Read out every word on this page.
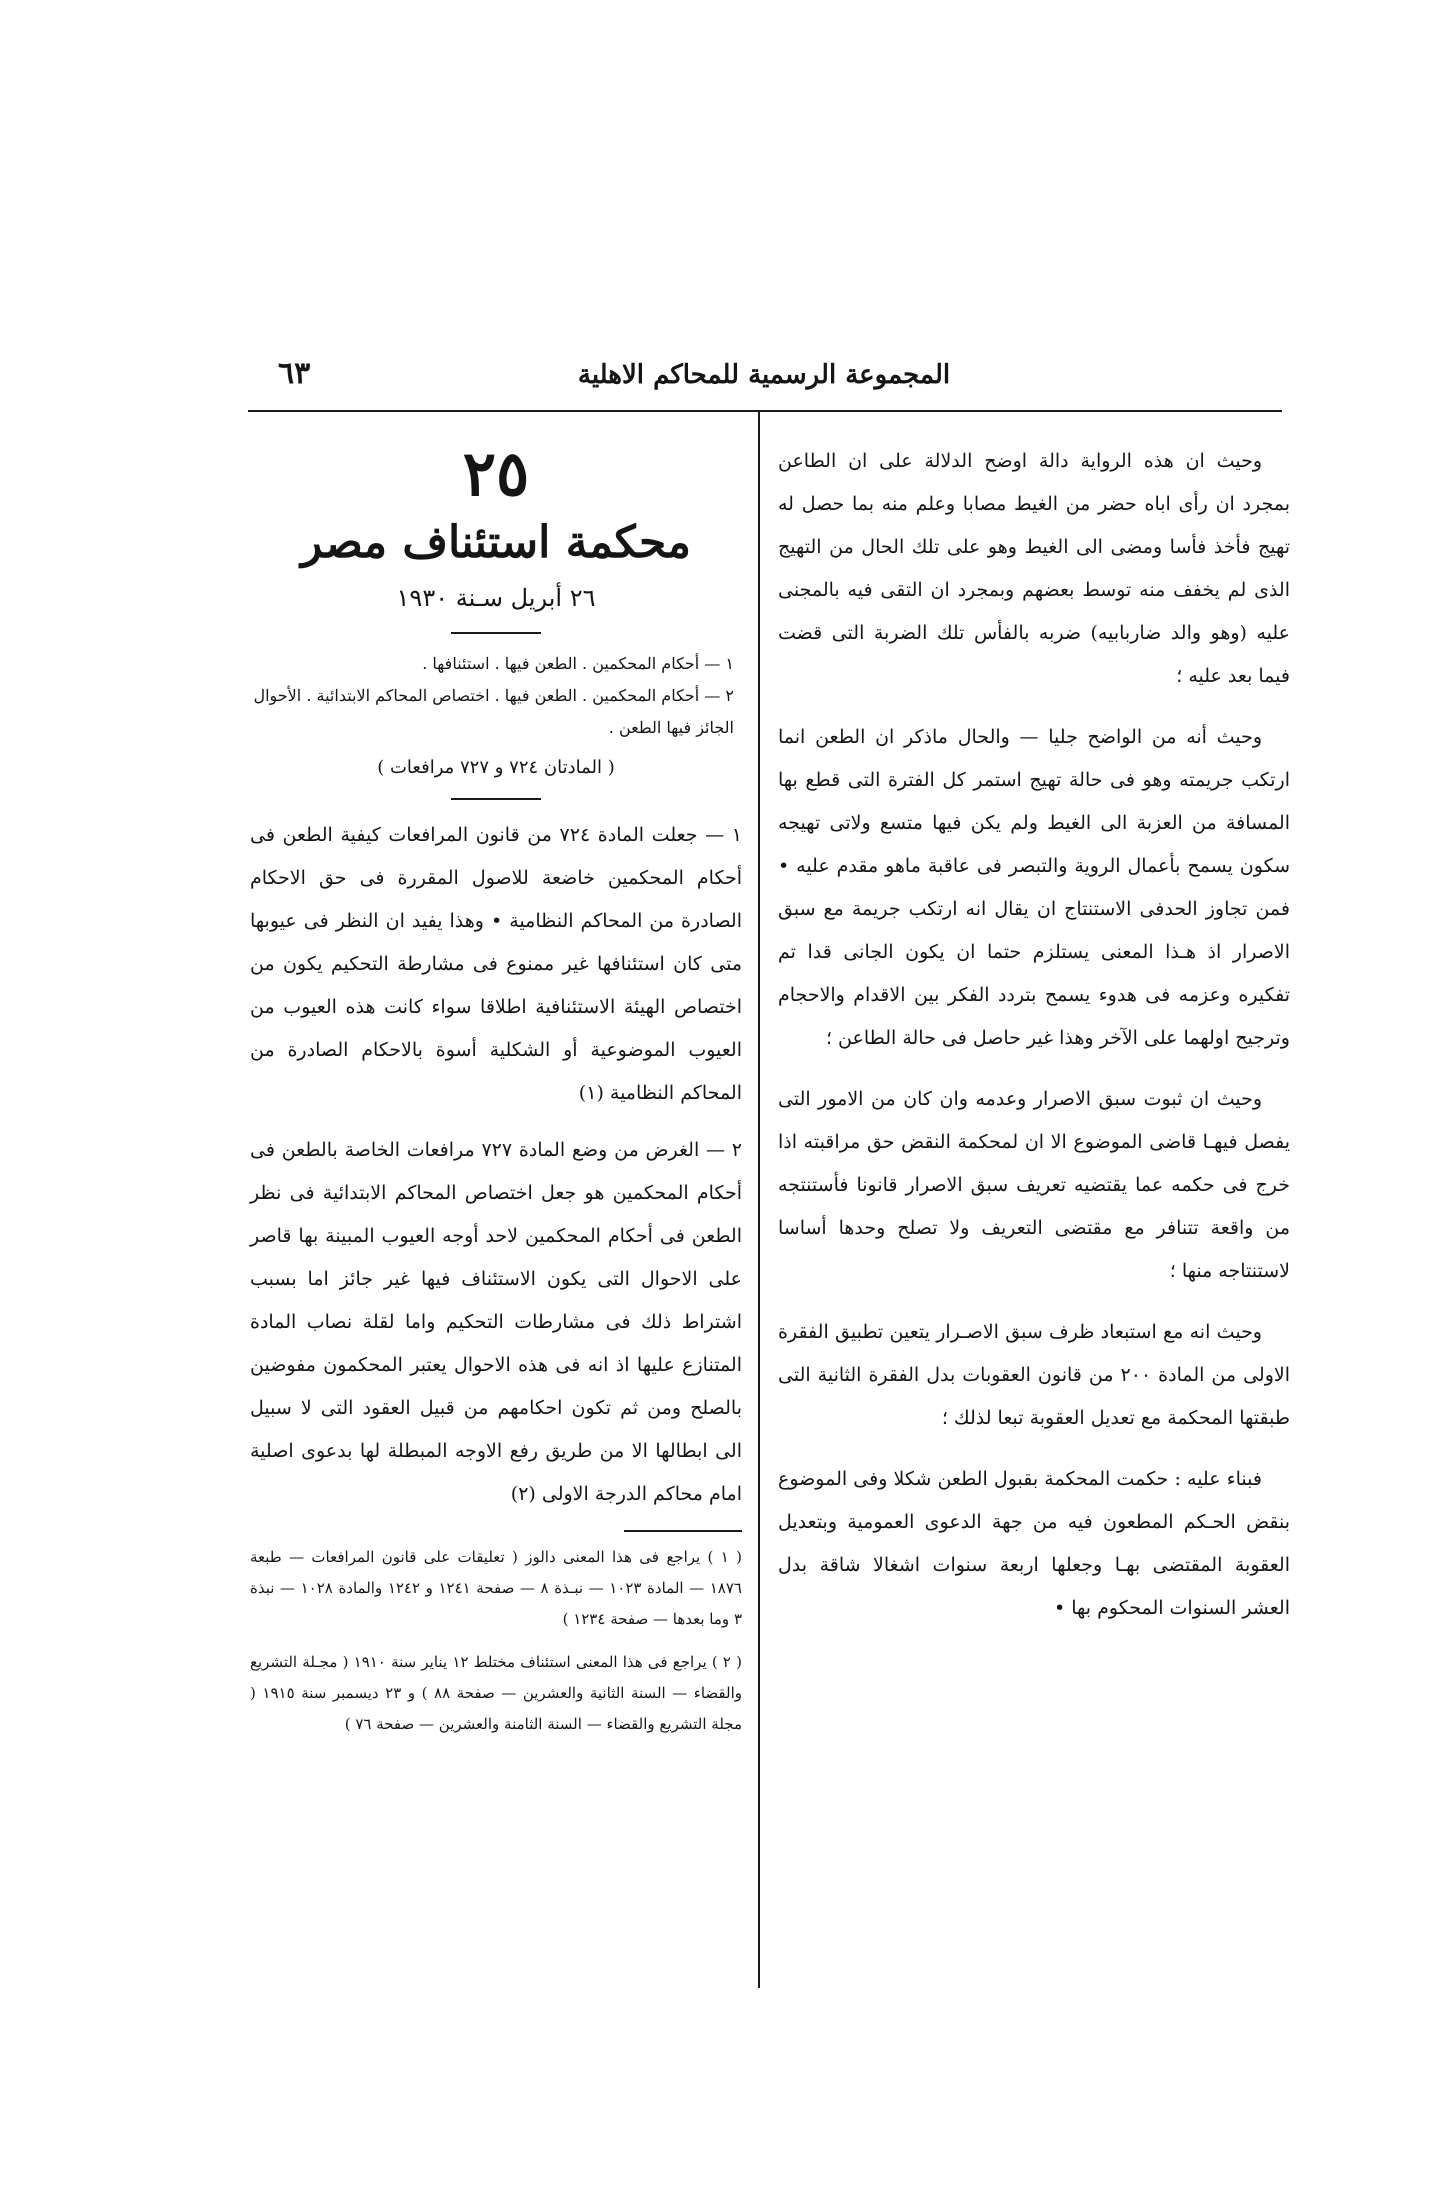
المجموعة الرسمية للمحاكم الاهلية
٦٣

وحيث ان هذه الرواية دالة اوضح الدلالة على ان الطاعن بمجرد ان رأى اباه حضر من الغيط مصابا وعلم منه بما حصل له تهيج فأخذ فأسا ومضى الى الغيط وهو على تلك الحال من التهيج الذى لم يخفف منه توسط بعضهم وبمجرد ان التقى فيه بالمجنى عليه (وهو والد ضاربابيه) ضربه بالفأس تلك الضربة التى قضت فيما بعد عليه ؛

وحيث أنه من الواضح جليا — والحال ماذكر ان الطعن انما ارتكب جريمته وهو فى حالة تهيج استمر كل الفترة التى قطع بها المسافة من العزبة الى الغيط ولم يكن فيها متسع ولاتى تهيجه سكون يسمح بأعمال الروية والتبصر فى عاقبة ماهو مقدم عليه • فمن تجاوز الحدفى الاستنتاج ان يقال انه ارتكب جريمة مع سبق الاصرار اذ هـذا المعنى يستلزم حتما ان يكون الجانى قدا تم تفكيره وعزمه فى هدوء يسمح بتردد الفكر بين الاقدام والاحجام وترجيح اولهما على الآخر وهذا غير حاصل فى حالة الطاعن ؛

وحيث ان ثبوت سبق الاصرار وعدمه وان كان من الامور التى يفصل فيهـا قاضى الموضوع الا ان لمحكمة النقض حق مراقبته اذا خرج فى حكمه عما يقتضيه تعريف سبق الاصرار قانونا فأستنتجه من واقعة تتنافر مع مقتضى التعريف ولا تصلح وحدها أساسا لاستنتاجه منها ؛

وحيث انه مع استبعاد ظرف سبق الاصـرار يتعين تطبيق الفقرة الاولى من المادة ٢٠٠ من قانون العقوبات بدل الفقرة الثانية التى طبقتها المحكمة مع تعديل العقوبة تبعا لذلك ؛

فبناء عليه : حكمت المحكمة بقبول الطعن شكلا وفى الموضوع بنقض الحـكم المطعون فيه من جهة الدعوى العمومية وبتعديل العقوبة المقتضى بهـا وجعلها اربعة سنوات اشغالا شاقة بدل العشر السنوات المحكوم بها •

٢٥

محكمة استئناف مصر

٢٦ أبريل سـنة ١٩٣٠

١ — أحكام المحكمين . الطعن فيها . استئنافها .

٢ — أحكام المحكمين . الطعن فيها . اختصاص المحاكم الابتدائية . الأحوال الجائز فيها الطعن .

( المادتان ٧٢٤ و ٧٢٧ مرافعات )

١ — جعلت المادة ٧٢٤ من قانون المرافعات كيفية الطعن فى أحكام المحكمين خاضعة للاصول المقررة فى حق الاحكام الصادرة من المحاكم النظامية • وهذا يفيد ان النظر فى عيوبها متى كان استئنافها غير ممنوع فى مشارطة التحكيم يكون من اختصاص الهيئة الاستئنافية اطلاقا سواء كانت هذه العيوب من العيوب الموضوعية أو الشكلية أسوة بالاحكام الصادرة من المحاكم النظامية (١)

٢ — الغرض من وضع المادة ٧٢٧ مرافعات الخاصة بالطعن فى أحكام المحكمين هو جعل اختصاص المحاكم الابتدائية فى نظر الطعن فى أحكام المحكمين لاحد أوجه العيوب المبينة بها قاصر على الاحوال التى يكون الاستئناف فيها غير جائز اما بسبب اشتراط ذلك فى مشارطات التحكيم واما لقلة نصاب المادة المتنازع عليها اذ انه فى هذه الاحوال يعتبر المحكمون مفوضين بالصلح ومن ثم تكون احكامهم من قبيل العقود التى لا سبيل الى ابطالها الا من طريق رفع الاوجه المبطلة لها بدعوى اصلية امام محاكم الدرجة الاولى (٢)

( ١ ) يراجع فى هذا المعنى دالوز ( تعليقات على قانون المرافعات — طبعة ١٨٧٦ — المادة ١٠٢٣ — نبـذة ٨ — صفحة ١٢٤١ و ١٢٤٢ والمادة ١٠٢٨ — نبذة ٣ وما بعدها — صفحة ١٢٣٤ )

( ٢ ) يراجع فى هذا المعنى استئناف مختلط ١٢ يناير سنة ١٩١٠ ( مجـلة التشريع والقضاء — السنة الثانية والعشرين — صفحة ٨٨ ) و ٢٣ ديسمبر سنة ١٩١٥ ( مجلة التشريع والقضاء — السنة الثامنة والعشرين — صفحة ٧٦ )
